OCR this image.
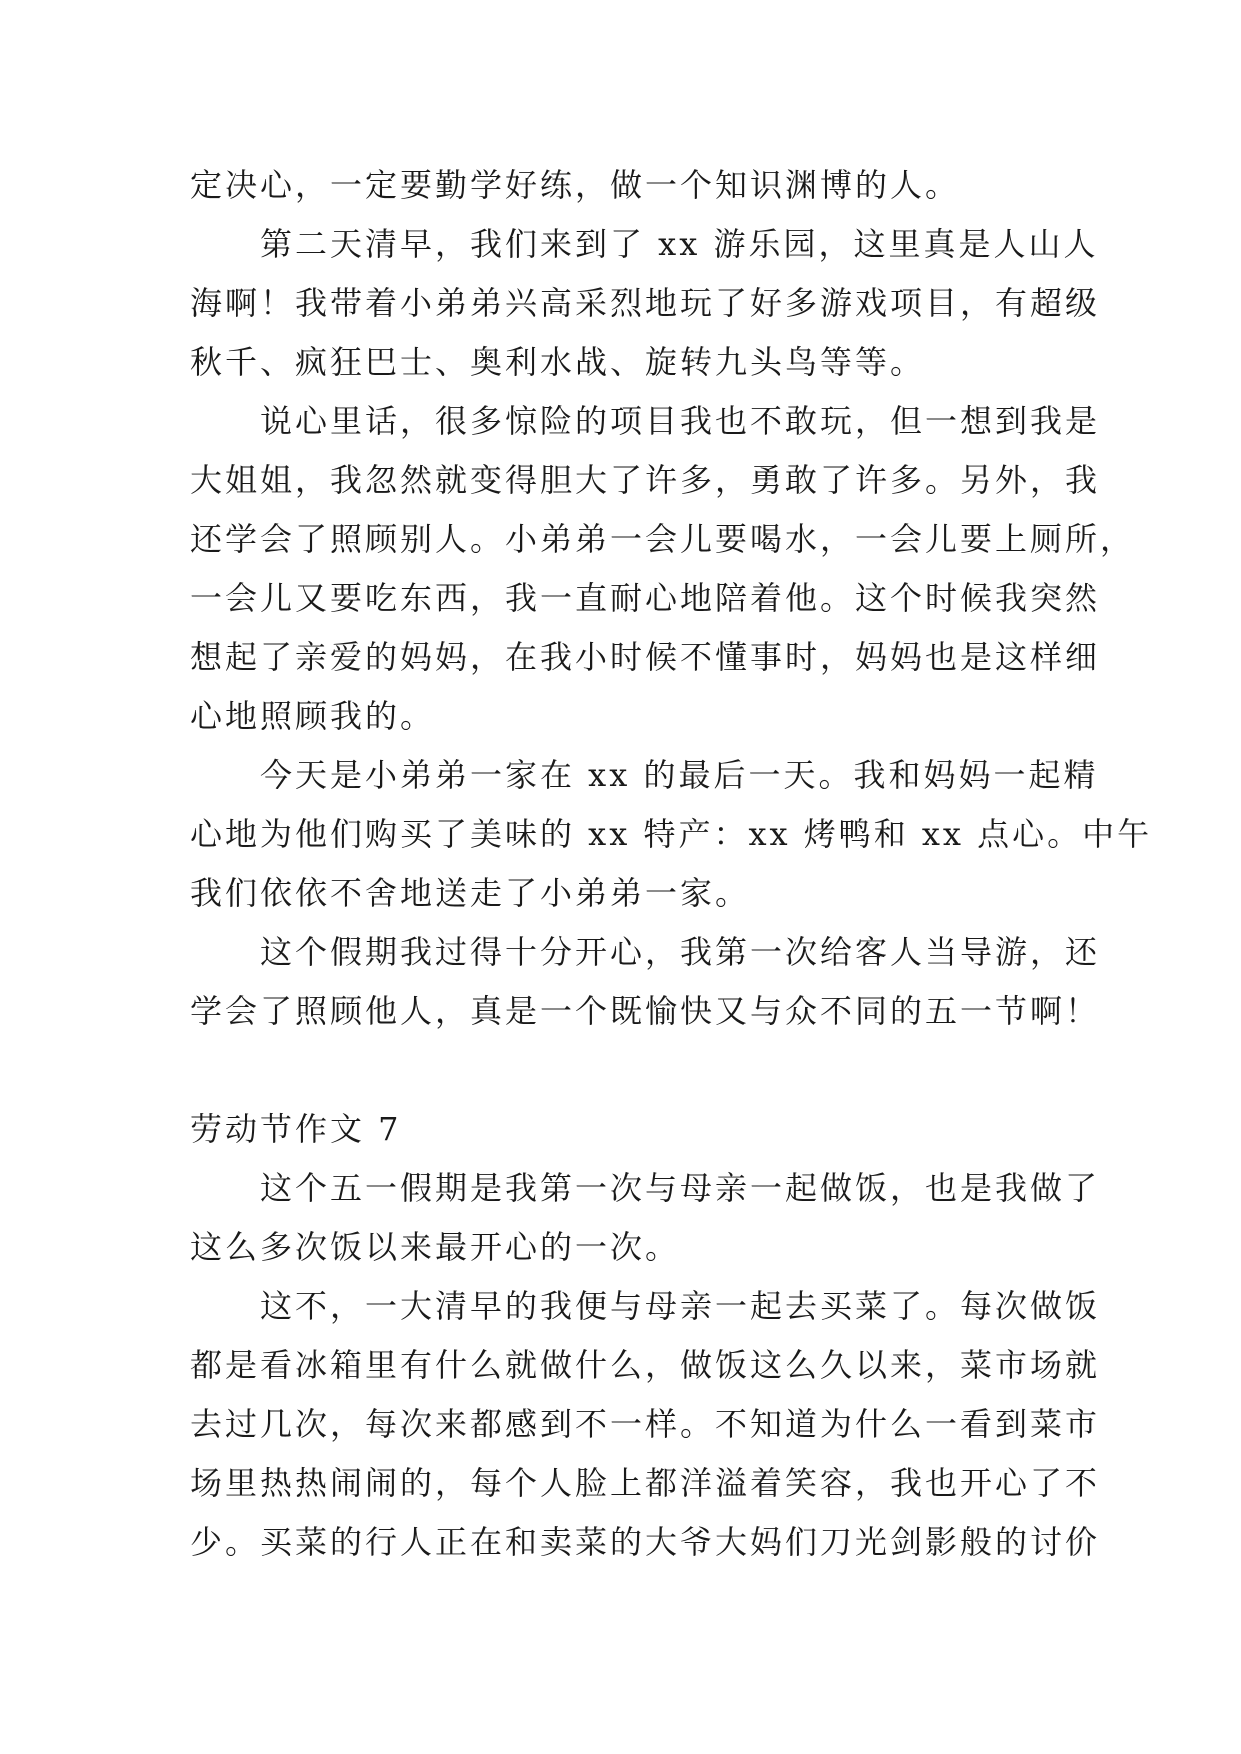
定决心，一定要勤学好练，做一个知识渊博的人。
第二天清早，我们来到了 xx 游乐园，这里真是人山人
海啊！我带着小弟弟兴高采烈地玩了好多游戏项目，有超级
秋千、疯狂巴士、奥利水战、旋转九头鸟等等。
说心里话，很多惊险的项目我也不敢玩，但一想到我是
大姐姐，我忽然就变得胆大了许多，勇敢了许多。另外，我
还学会了照顾别人。小弟弟一会儿要喝水，一会儿要上厕所，
一会儿又要吃东西，我一直耐心地陪着他。这个时候我突然
想起了亲爱的妈妈，在我小时候不懂事时，妈妈也是这样细
心地照顾我的。
今天是小弟弟一家在 xx 的最后一天。我和妈妈一起精
心地为他们购买了美味的 xx 特产：xx 烤鸭和 xx 点心。中午
我们依依不舍地送走了小弟弟一家。
这个假期我过得十分开心，我第一次给客人当导游，还
学会了照顾他人，真是一个既愉快又与众不同的五一节啊！
劳动节作文 7
这个五一假期是我第一次与母亲一起做饭，也是我做了
这么多次饭以来最开心的一次。
这不，一大清早的我便与母亲一起去买菜了。每次做饭
都是看冰箱里有什么就做什么，做饭这么久以来，菜市场就
去过几次，每次来都感到不一样。不知道为什么一看到菜市
场里热热闹闹的，每个人脸上都洋溢着笑容，我也开心了不
少。买菜的行人正在和卖菜的大爷大妈们刀光剑影般的讨价
